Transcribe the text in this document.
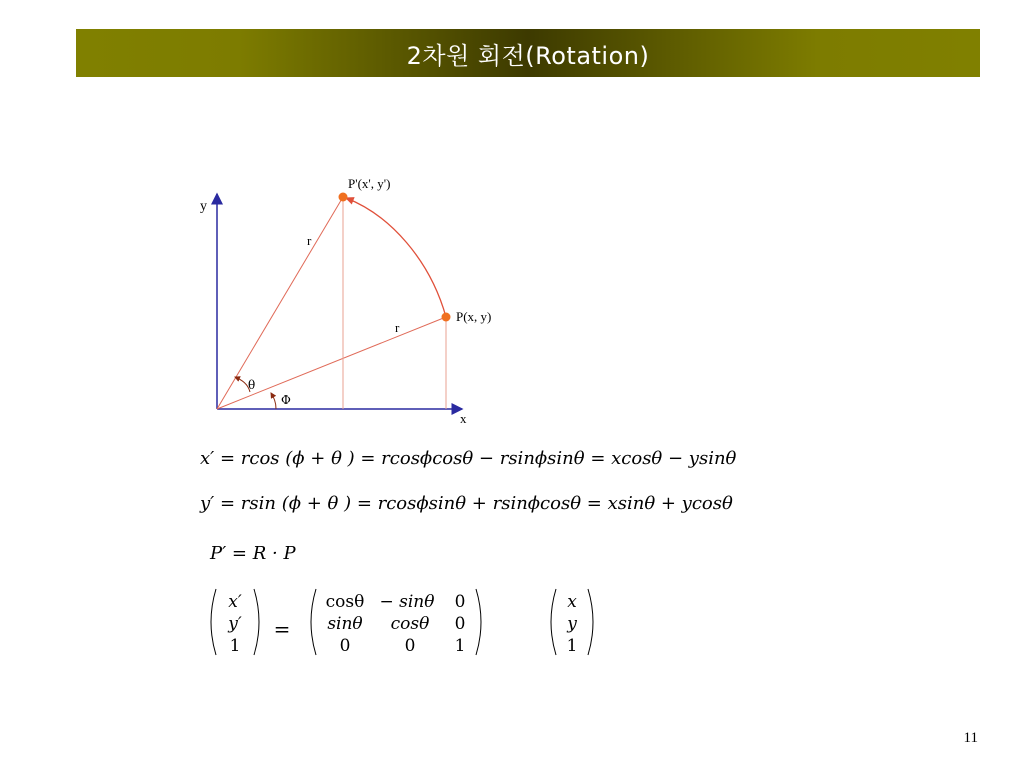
2차원 회전(Rotation)
y
x
P'(x', y')
P(x, y)
r
r
θ
Φ
x′ = rcos (ϕ + θ ) = rcosϕcosθ − rsinϕsinθ = xcosθ − ysinθ
y′ = rsin (ϕ + θ ) = rcosϕsinθ + rsinϕcosθ = xsinθ + ycosθ
P′ = R · P
x′
y′
1
=
cosθ − sinθ 0
sinθ cosθ 0
0	0 1
x
y
1
11
